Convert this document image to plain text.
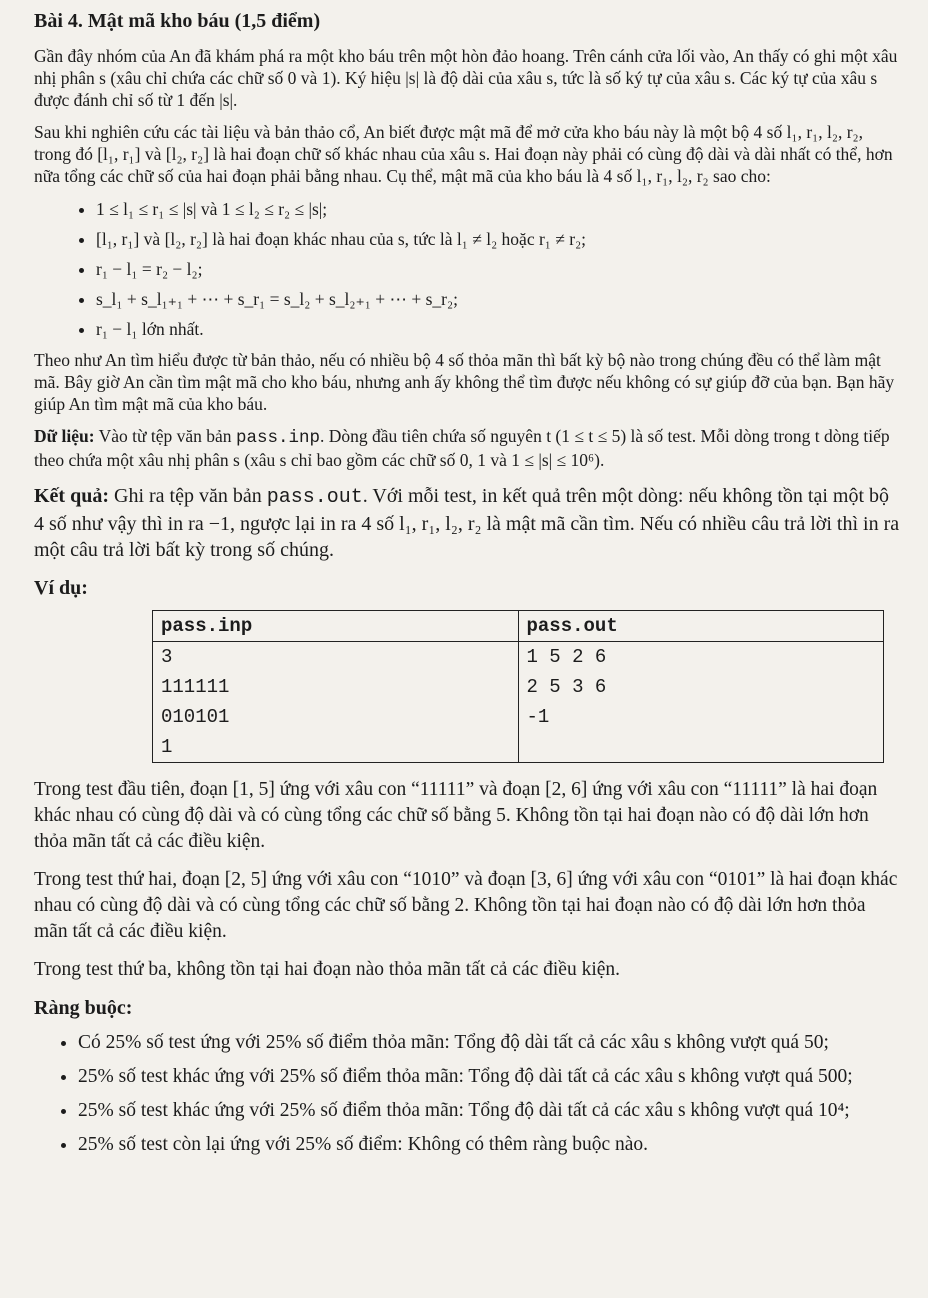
Bài 4. Mật mã kho báu (1,5 điểm)

Gần đây nhóm của An đã khám phá ra một kho báu trên một hòn đảo hoang. Trên cánh cửa lối vào, An thấy có ghi một xâu nhị phân s (xâu chỉ chứa các chữ số 0 và 1). Ký hiệu |s| là độ dài của xâu s, tức là số ký tự của xâu s. Các ký tự của xâu s được đánh chỉ số từ 1 đến |s|.

Sau khi nghiên cứu các tài liệu và bản thảo cổ, An biết được mật mã để mở cửa kho báu này là một bộ 4 số l₁, r₁, l₂, r₂, trong đó [l₁, r₁] và [l₂, r₂] là hai đoạn chữ số khác nhau của xâu s. Hai đoạn này phải có cùng độ dài và dài nhất có thể, hơn nữa tổng các chữ số của hai đoạn phải bằng nhau. Cụ thể, mật mã của kho báu là 4 số l₁, r₁, l₂, r₂ sao cho:

• 1 ≤ l₁ ≤ r₁ ≤ |s| và 1 ≤ l₂ ≤ r₂ ≤ |s|;
• [l₁, r₁] và [l₂, r₂] là hai đoạn khác nhau của s, tức là l₁ ≠ l₂ hoặc r₁ ≠ r₂;
• r₁ − l₁ = r₂ − l₂;
• s_l₁ + s_l₁₊₁ + ⋯ + s_r₁ = s_l₂ + s_l₂₊₁ + ⋯ + s_r₂;
• r₁ − l₁ lớn nhất.

Theo như An tìm hiểu được từ bản thảo, nếu có nhiều bộ 4 số thỏa mãn thì bất kỳ bộ nào trong chúng đều có thể làm mật mã. Bây giờ An cần tìm mật mã cho kho báu, nhưng anh ấy không thể tìm được nếu không có sự giúp đỡ của bạn. Bạn hãy giúp An tìm mật mã của kho báu.

Dữ liệu: Vào từ tệp văn bản pass.inp. Dòng đầu tiên chứa số nguyên t (1 ≤ t ≤ 5) là số test. Mỗi dòng trong t dòng tiếp theo chứa một xâu nhị phân s (xâu s chỉ bao gồm các chữ số 0, 1 và 1 ≤ |s| ≤ 10⁶).

Kết quả: Ghi ra tệp văn bản pass.out. Với mỗi test, in kết quả trên một dòng: nếu không tồn tại một bộ 4 số như vậy thì in ra −1, ngược lại in ra 4 số l₁, r₁, l₂, r₂ là mật mã cần tìm. Nếu có nhiều câu trả lời thì in ra một câu trả lời bất kỳ trong số chúng.

Ví dụ:
pass.inp	pass.out
3	1 5 2 6
111111	2 5 3 6
010101	-1
1	

Trong test đầu tiên, đoạn [1, 5] ứng với xâu con “11111” và đoạn [2, 6] ứng với xâu con “11111” là hai đoạn khác nhau có cùng độ dài và có cùng tổng các chữ số bằng 5. Không tồn tại hai đoạn nào có độ dài lớn hơn thỏa mãn tất cả các điều kiện.

Trong test thứ hai, đoạn [2, 5] ứng với xâu con “1010” và đoạn [3, 6] ứng với xâu con “0101” là hai đoạn khác nhau có cùng độ dài và có cùng tổng các chữ số bằng 2. Không tồn tại hai đoạn nào có độ dài lớn hơn thỏa mãn tất cả các điều kiện.

Trong test thứ ba, không tồn tại hai đoạn nào thỏa mãn tất cả các điều kiện.

Ràng buộc:
• Có 25% số test ứng với 25% số điểm thỏa mãn: Tổng độ dài tất cả các xâu s không vượt quá 50;
• 25% số test khác ứng với 25% số điểm thỏa mãn: Tổng độ dài tất cả các xâu s không vượt quá 500;
• 25% số test khác ứng với 25% số điểm thỏa mãn: Tổng độ dài tất cả các xâu s không vượt quá 10⁴;
• 25% số test còn lại ứng với 25% số điểm: Không có thêm ràng buộc nào.
